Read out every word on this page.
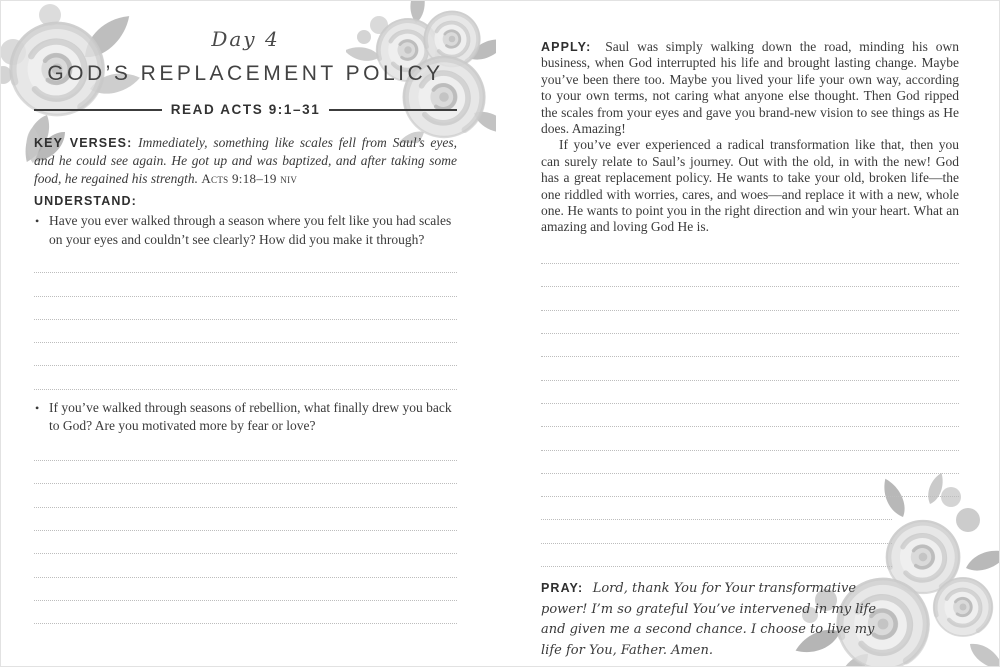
Day 4
GOD’S REPLACEMENT POLICY
READ ACTS 9:1–31

KEY VERSES: Immediately, something like scales fell from Saul’s eyes, and he could see again. He got up and was baptized, and after taking some food, he regained his strength. Acts 9:18–19 niv

UNDERSTAND:
• Have you ever walked through a season where you felt like you had scales on your eyes and couldn’t see clearly? How did you make it through?
• If you’ve walked through seasons of rebellion, what finally drew you back to God? Are you motivated more by fear or love?

APPLY: Saul was simply walking down the road, minding his own business, when God interrupted his life and brought lasting change. Maybe you’ve been there too. Maybe you lived your life your own way, according to your own terms, not caring what anyone else thought. Then God ripped the scales from your eyes and gave you brand-new vision to see things as He does. Amazing!

If you’ve ever experienced a radical transformation like that, then you can surely relate to Saul’s journey. Out with the old, in with the new! God has a great replacement policy. He wants to take your old, broken life—the one riddled with worries, cares, and woes—and replace it with a new, whole one. He wants to point you in the right direction and win your heart. What an amazing and loving God He is.

PRAY: Lord, thank You for Your transformative power! I’m so grateful You’ve intervened in my life and given me a second chance. I choose to live my life for You, Father. Amen.
